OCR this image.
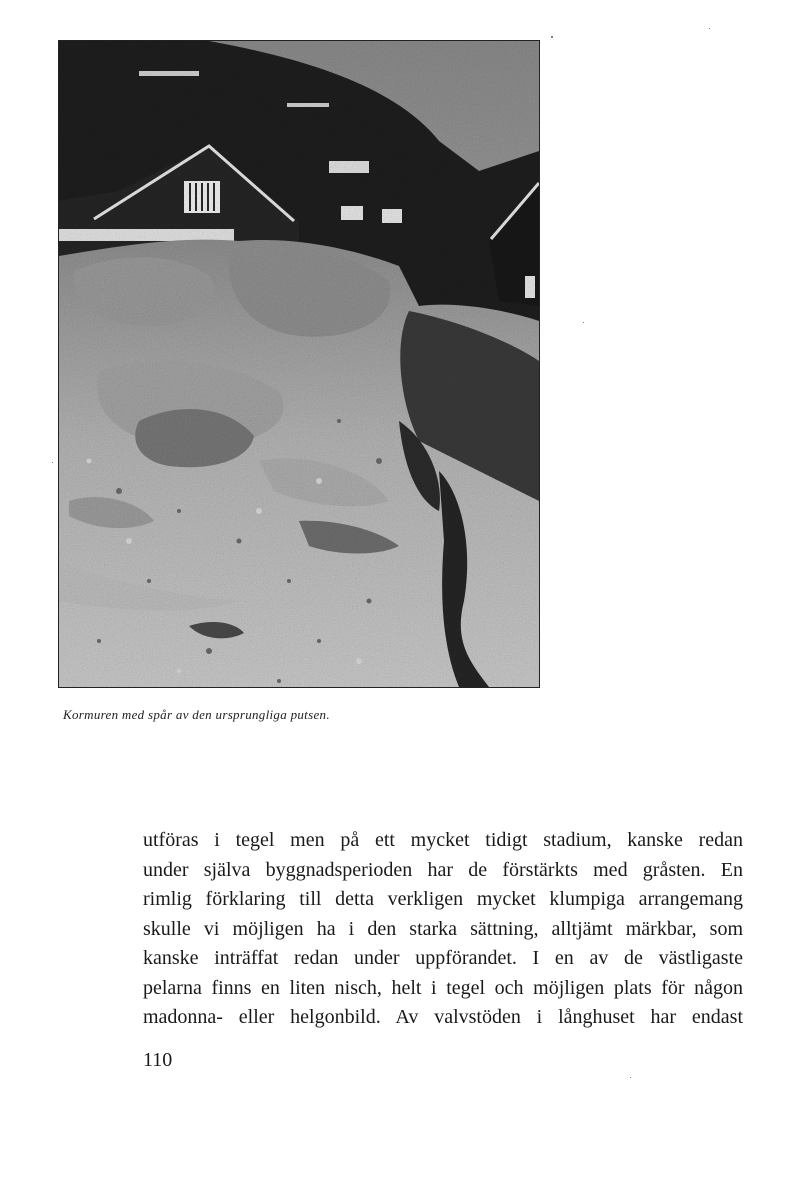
Kormuren med spår av den ursprungliga putsen.
utföras i tegel men på ett mycket tidigt stadium, kanske redan
under själva byggnadsperioden har de förstärkts med gråsten. En
rimlig förklaring till detta verkligen mycket klumpiga arrangemang
skulle vi möjligen ha i den starka sättning, alltjämt märkbar, som
kanske inträffat redan under uppförandet. I en av de västligaste
pelarna finns en liten nisch, helt i tegel och möjligen plats för någon
madonna- eller helgonbild. Av valvstöden i långhuset har endast
110
